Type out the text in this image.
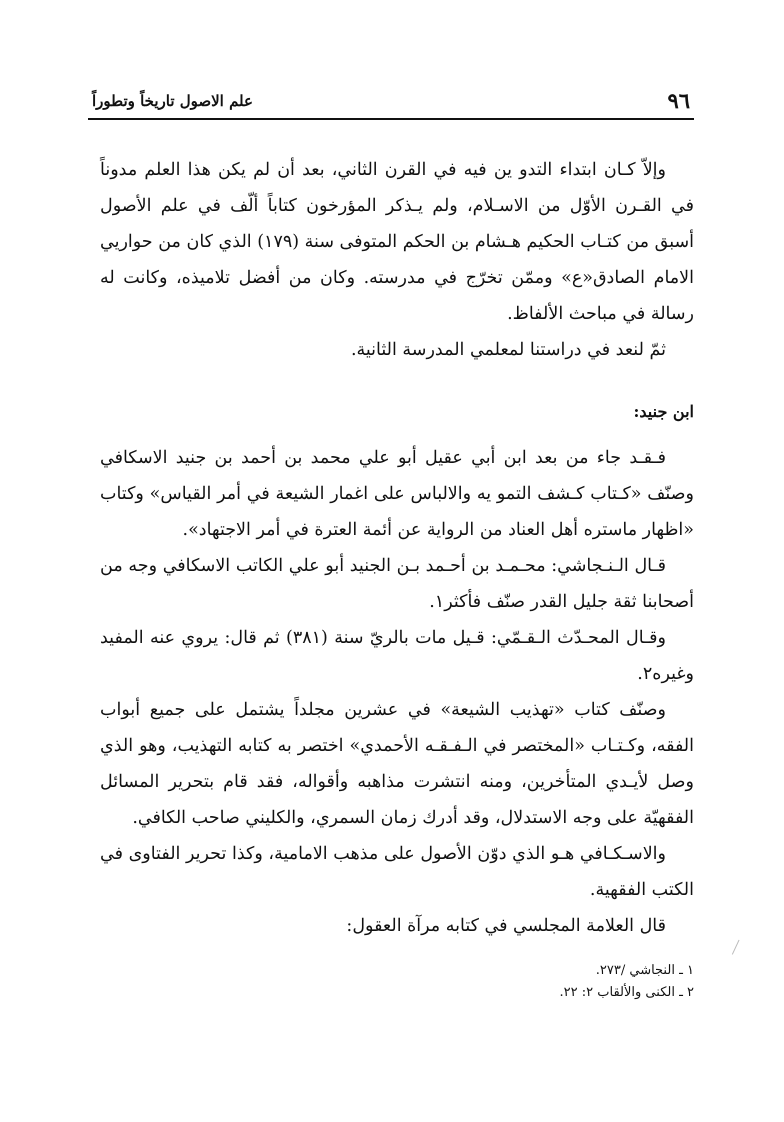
٩٦
علم الاصول تاريخاً وتطوراً

وإلاّ كـان ابتداء التدو ين فيه في القرن الثاني، بعد أن لم يكن هذا العلم مدوناً في القـرن الأوّل من الاسـلام، ولم يـذكر المؤرخون كتاباً ألّف في علم الأصول أسبق من كتـاب الحكيم هـشام بن الحكم المتوفى سنة (١٧٩) الذي كان من حواريي الامام الصادق«ع» وممّن تخرّج في مدرسته. وكان من أفضل تلاميذه، وكانت له رسالة في مباحث الألفاظ.

ثمّ لنعد في دراستنا لمعلمي المدرسة الثانية.

ابن جنيد:

فـقـد جاء من بعد ابن أبي عقيل أبو علي محمد بن أحمد بن جنيد الاسكافي وصنّف «كـتاب كـشف التمو يه والالباس على اغمار الشيعة في أمر القياس» وكتاب «اظهار ماستره أهل العناد من الرواية عن أئمة العترة في أمر الاجتهاد».

قـال الـنـجاشي: محـمـد بن أحـمد بـن الجنيد أبو علي الكاتب الاسكافي وجه من أصحابنا ثقة جليل القدر صنّف فأكثر١.

وقـال المحـدّث الـقـمّي: قـيل مات بالريّ سنة (٣٨١) ثم قال: يروي عنه المفيد وغيره٢.

وصنّف كتاب «تهذيب الشيعة» في عشرين مجلداً يشتمل على جميع أبواب الفقه، وكـتـاب «المختصر في الـفـقـه الأحمدي» اختصر به كتابه التهذيب، وهو الذي وصل لأيـدي المتأخرين، ومنه انتشرت مذاهبه وأقواله، فقد قام بتحرير المسائل الفقهيّة على وجه الاستدلال، وقد أدرك زمان السمري، والكليني صاحب الكافي.

والاسـكـافي هـو الذي دوّن الأصول على مذهب الامامية، وكذا تحرير الفتاوى في الكتب الفقهية.

قال العلامة المجلسي في كتابه مرآة العقول:

١ ـ النجاشي /٢٧٣.

٢ ـ الكنى والألقاب ٢: ٢٢.
